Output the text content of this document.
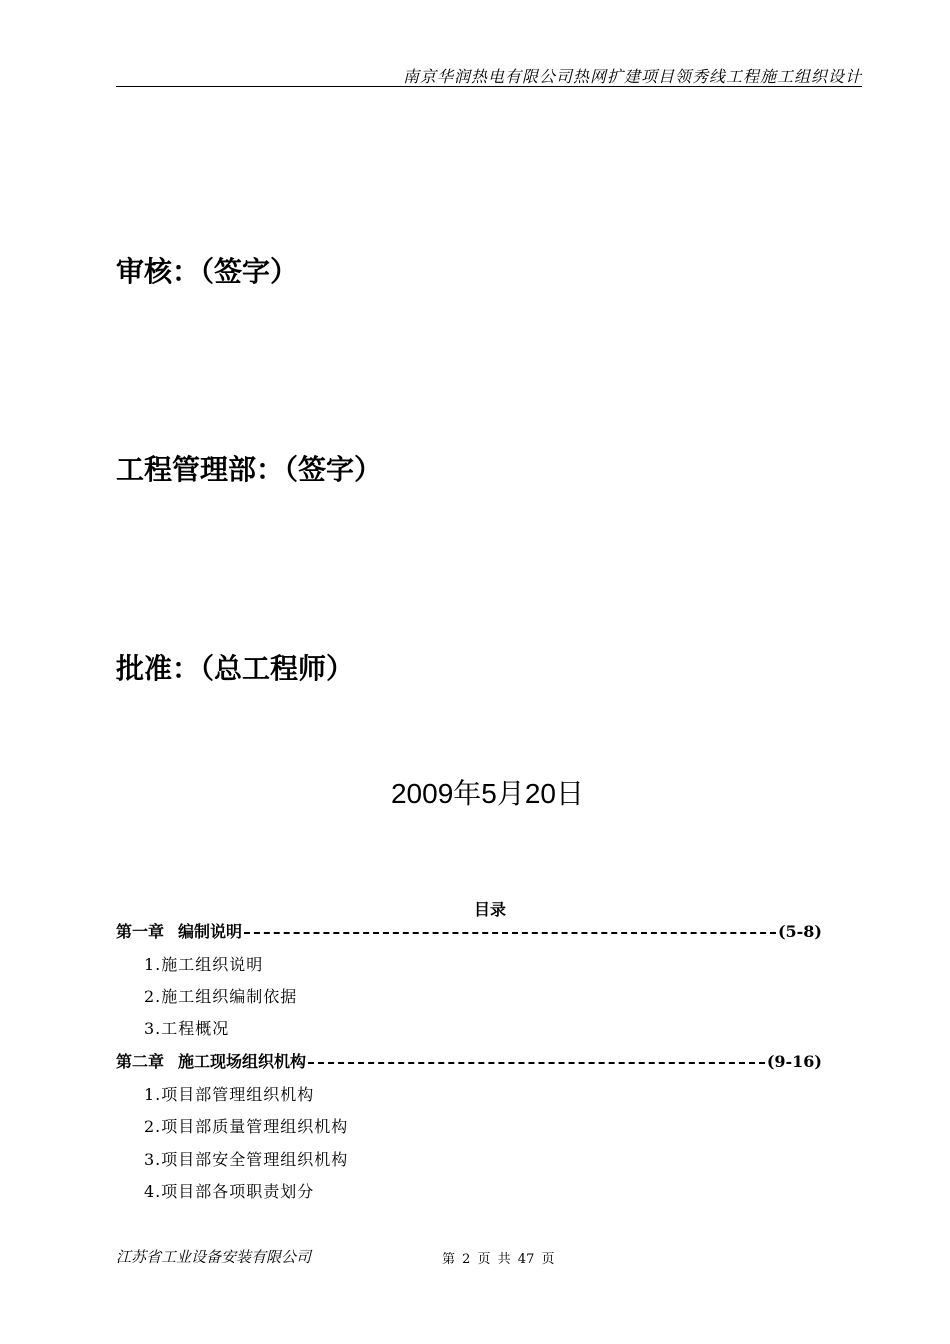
南京华润热电有限公司热网扩建项目领秀线工程施工组织设计
审核：（签字）
工程管理部：（签字）
批准：（总工程师）
2009年5月20日
目录
第一章 编制说明	(5-8)
1.施工组织说明
2.施工组织编制依据
3.工程概况
第二章 施工现场组织机构	(9-16)
1.项目部管理组织机构
2.项目部质量管理组织机构
3.项目部安全管理组织机构
4.项目部各项职责划分
江苏省工业设备安装有限公司	第 2 页 共 47 页
